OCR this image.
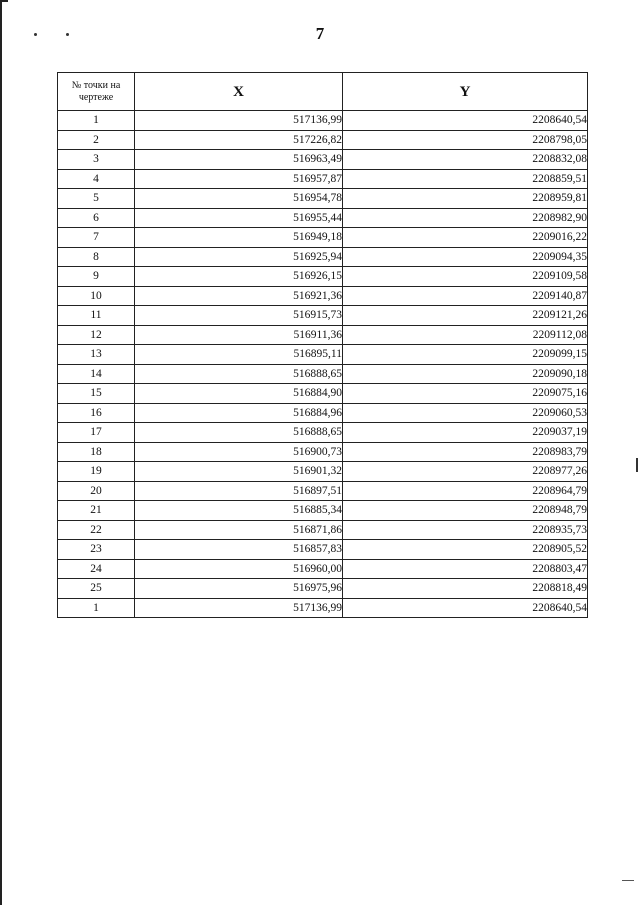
7
№ точки на чертеже	X	Y
1	517136,99	2208640,54
2	517226,82	2208798,05
3	516963,49	2208832,08
4	516957,87	2208859,51
5	516954,78	2208959,81
6	516955,44	2208982,90
7	516949,18	2209016,22
8	516925,94	2209094,35
9	516926,15	2209109,58
10	516921,36	2209140,87
11	516915,73	2209121,26
12	516911,36	2209112,08
13	516895,11	2209099,15
14	516888,65	2209090,18
15	516884,90	2209075,16
16	516884,96	2209060,53
17	516888,65	2209037,19
18	516900,73	2208983,79
19	516901,32	2208977,26
20	516897,51	2208964,79
21	516885,34	2208948,79
22	516871,86	2208935,73
23	516857,83	2208905,52
24	516960,00	2208803,47
25	516975,96	2208818,49
1	517136,99	2208640,54
